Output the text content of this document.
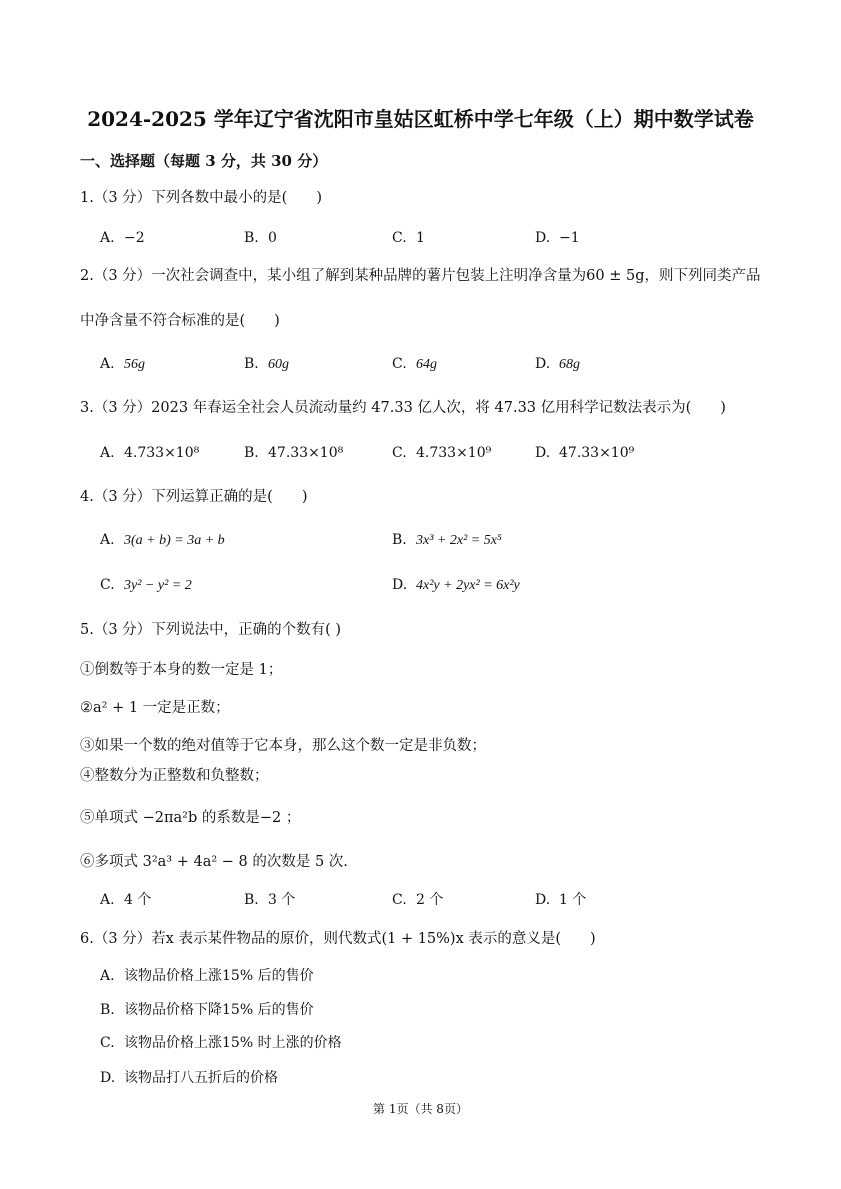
2024-2025 学年辽宁省沈阳市皇姑区虹桥中学七年级（上）期中数学试卷
一、选择题（每题 3 分，共 30 分）
1.（3 分）下列各数中最小的是(　　)
A. −2	B. 0	C. 1	D. −1
2.（3 分）一次社会调查中，某小组了解到某种品牌的薯片包装上注明净含量为60 ± 5g，则下列同类产品
中净含量不符合标准的是(　　)
A. 56g	B. 60g	C. 64g	D. 68g
3.（3 分）2023 年春运全社会人员流动量约 47.33 亿人次，将 47.33 亿用科学记数法表示为(　　)
A. 4.733×10⁸	B. 47.33×10⁸	C. 4.733×10⁹	D. 47.33×10⁹
4.（3 分）下列运算正确的是(　　)
A. 3(a + b) = 3a + b	B. 3x³ + 2x² = 5x⁵
C. 3y² − y² = 2	D. 4x²y + 2yx² = 6x²y
5.（3 分）下列说法中，正确的个数有( )
①倒数等于本身的数一定是 1；
②a² + 1 一定是正数；
③如果一个数的绝对值等于它本身，那么这个数一定是非负数；
④整数分为正整数和负整数；
⑤单项式 −2πa²b 的系数是−2 ；
⑥多项式 3²a³ + 4a² − 8 的次数是 5 次.
A. 4 个	B. 3 个	C. 2 个	D. 1 个
6.（3 分）若x 表示某件物品的原价，则代数式(1 + 15%)x 表示的意义是(　　)
A. 该物品价格上涨15% 后的售价
B. 该物品价格下降15% 后的售价
C. 该物品价格上涨15% 时上涨的价格
D. 该物品打八五折后的价格
第 1页（共 8页）
